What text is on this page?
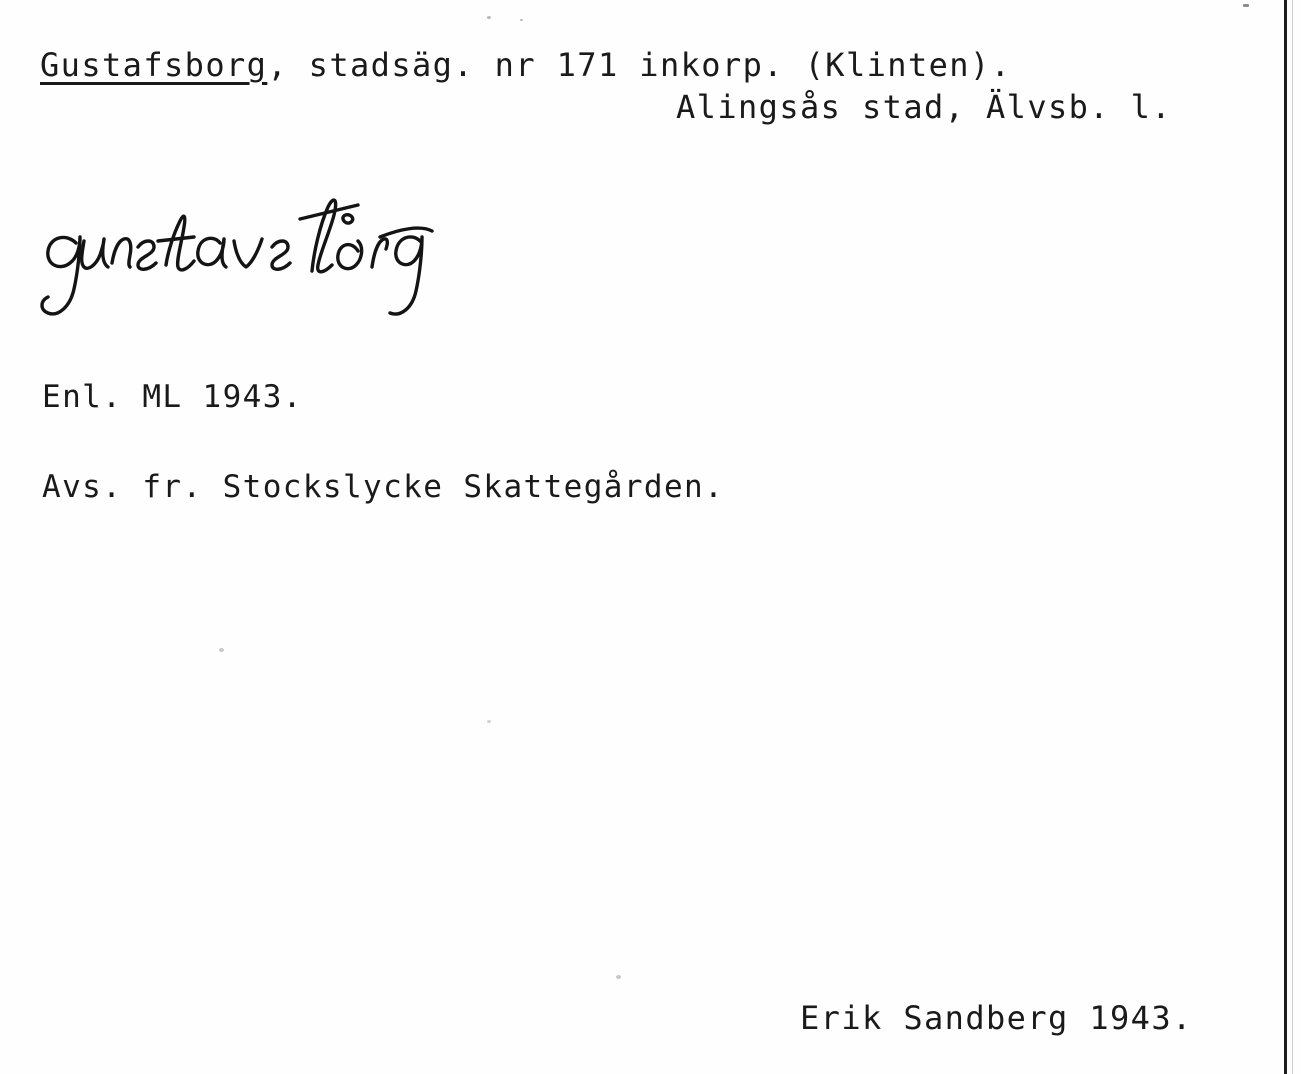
Gustafsborg, stadsäg. nr 171 inkorp. (Klinten).
Alingsås stad, Älvsb. l.
Enl. ML 1943.
Avs. fr. Stockslycke Skattegården.
Erik Sandberg 1943.
